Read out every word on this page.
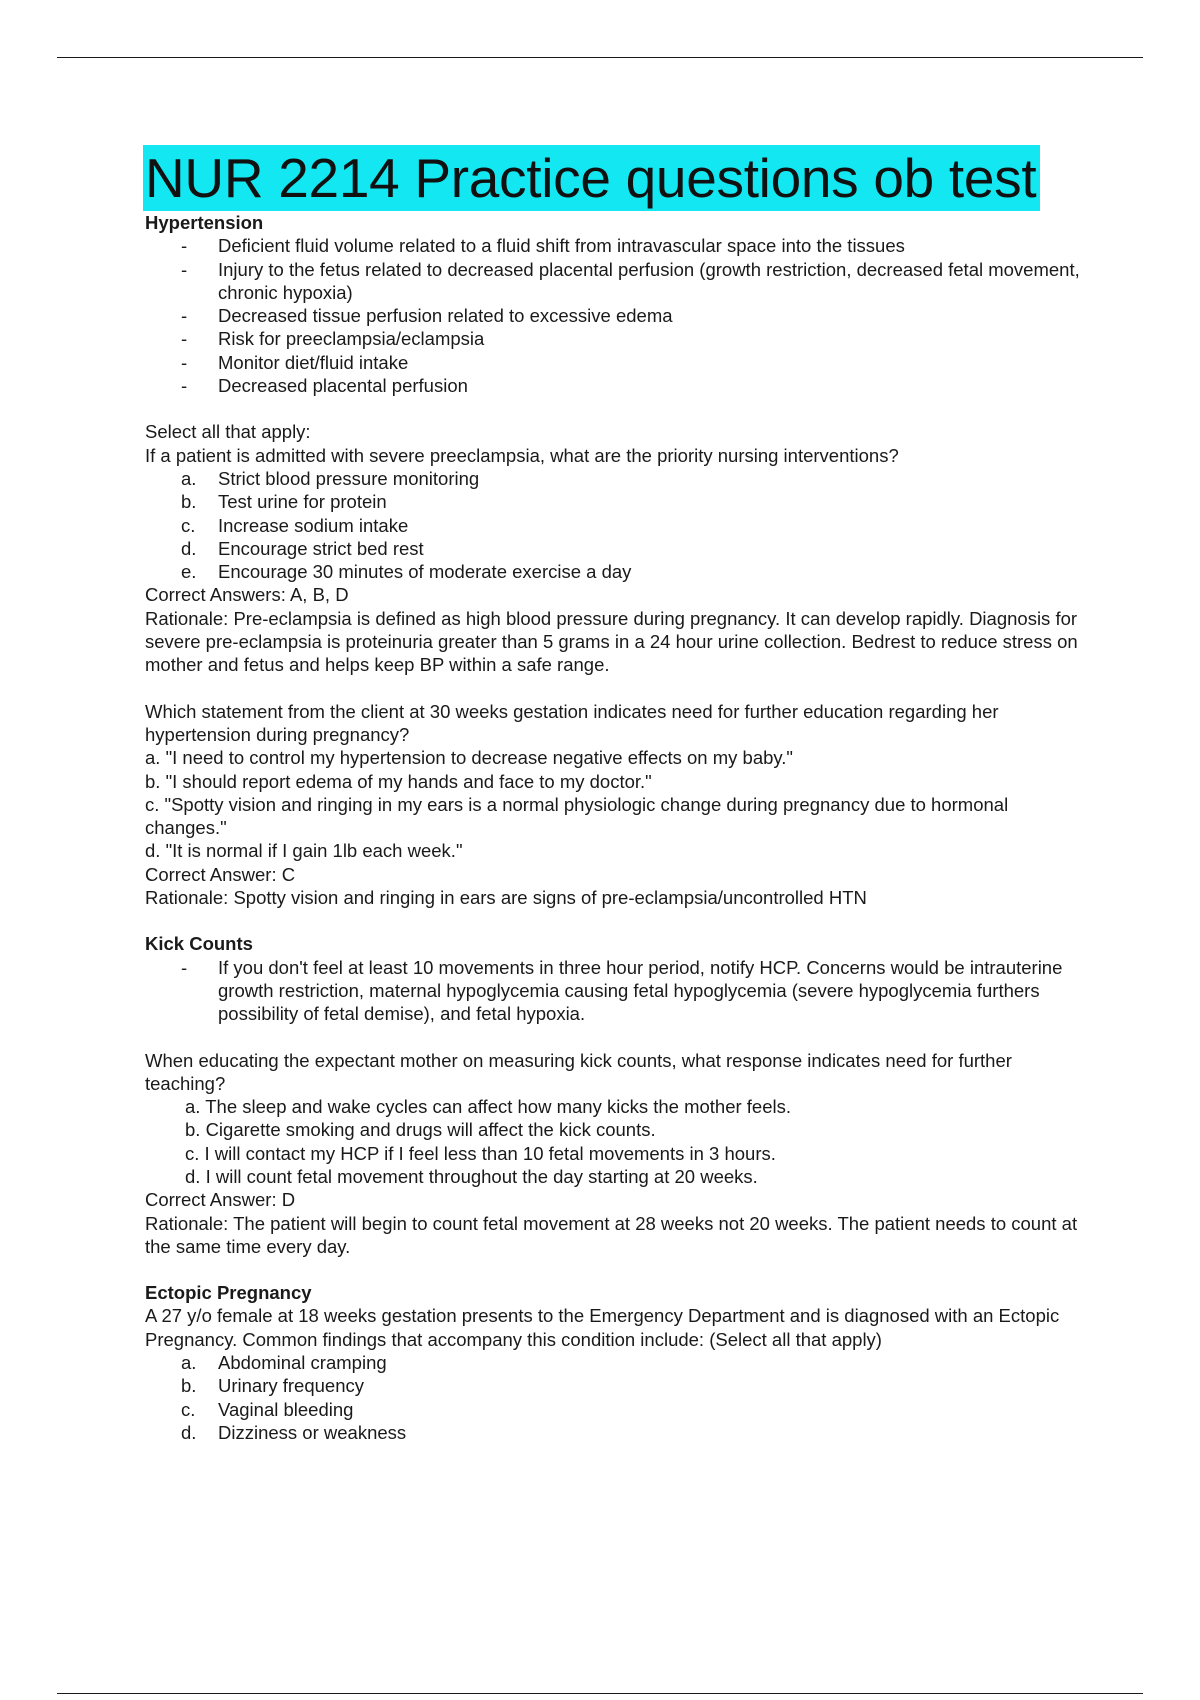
NUR 2214 Practice questions ob test

Hypertension

- Deficient fluid volume related to a fluid shift from intravascular space into the tissues
- Injury to the fetus related to decreased placental perfusion (growth restriction, decreased fetal movement, chronic hypoxia)
- Decreased tissue perfusion related to excessive edema
- Risk for preeclampsia/eclampsia
- Monitor diet/fluid intake
- Decreased placental perfusion

Select all that apply:

If a patient is admitted with severe preeclampsia, what are the priority nursing interventions?

a. Strict blood pressure monitoring
b. Test urine for protein
c. Increase sodium intake
d. Encourage strict bed rest
e. Encourage 30 minutes of moderate exercise a day

Correct Answers: A, B, D

Rationale: Pre-eclampsia is defined as high blood pressure during pregnancy. It can develop rapidly. Diagnosis for severe pre-eclampsia is proteinuria greater than 5 grams in a 24 hour urine collection. Bedrest to reduce stress on mother and fetus and helps keep BP within a safe range.

Which statement from the client at 30 weeks gestation indicates need for further education regarding her hypertension during pregnancy?

a. "I need to control my hypertension to decrease negative effects on my baby."

b. "I should report edema of my hands and face to my doctor."

c. "Spotty vision and ringing in my ears is a normal physiologic change during pregnancy due to hormonal changes."

d. "It is normal if I gain 1lb each week."

Correct Answer: C

Rationale: Spotty vision and ringing in ears are signs of pre-eclampsia/uncontrolled HTN

Kick Counts

- If you don't feel at least 10 movements in three hour period, notify HCP. Concerns would be intrauterine growth restriction, maternal hypoglycemia causing fetal hypoglycemia (severe hypoglycemia furthers possibility of fetal demise), and fetal hypoxia.

When educating the expectant mother on measuring kick counts, what response indicates need for further teaching?

a. The sleep and wake cycles can affect how many kicks the mother feels.
b. Cigarette smoking and drugs will affect the kick counts.
c. I will contact my HCP if I feel less than 10 fetal movements in 3 hours.
d. I will count fetal movement throughout the day starting at 20 weeks.

Correct Answer: D

Rationale: The patient will begin to count fetal movement at 28 weeks not 20 weeks. The patient needs to count at the same time every day.

Ectopic Pregnancy

A 27 y/o female at 18 weeks gestation presents to the Emergency Department and is diagnosed with an Ectopic Pregnancy. Common findings that accompany this condition include: (Select all that apply)

a. Abdominal cramping
b. Urinary frequency
c. Vaginal bleeding
d. Dizziness or weakness
